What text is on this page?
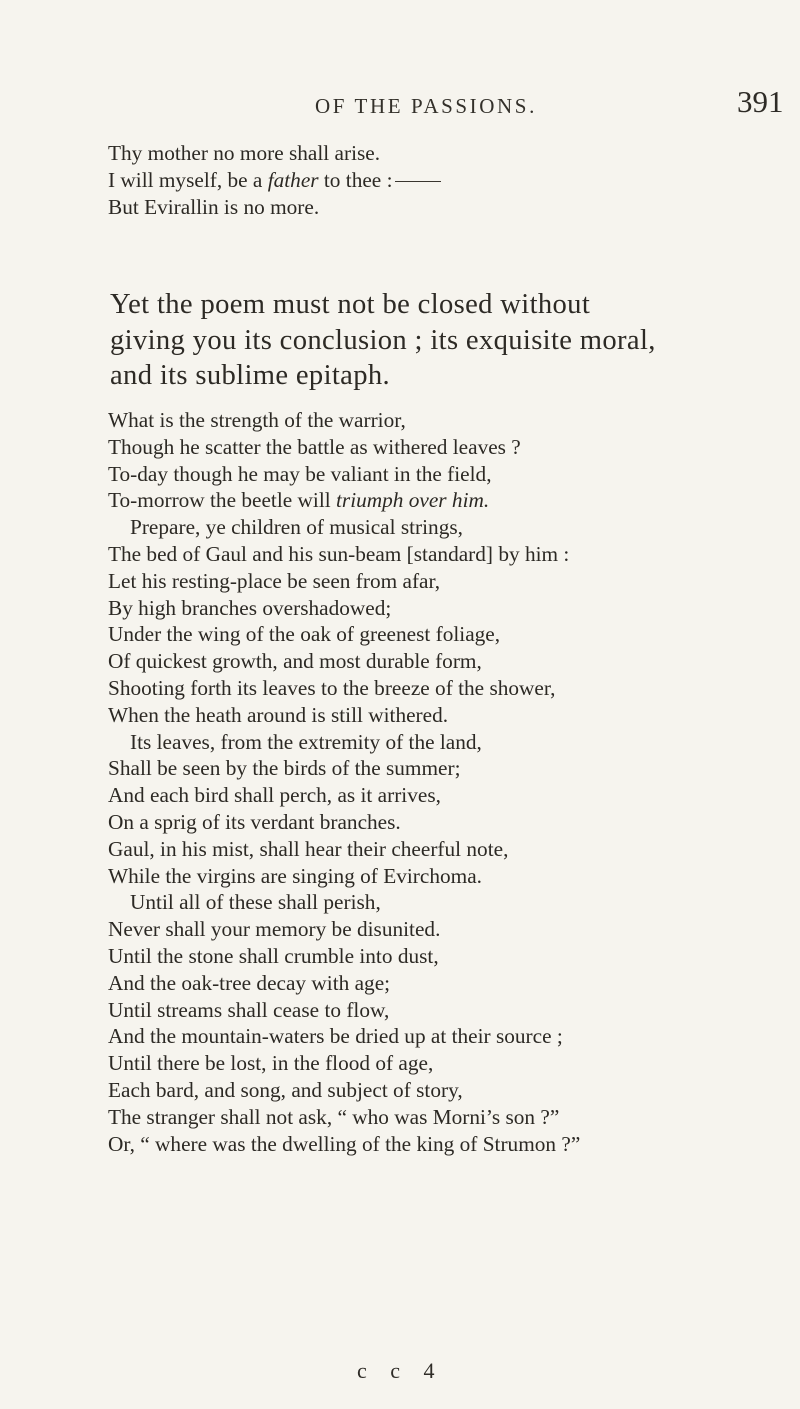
OF THE PASSIONS.	391
Thy mother no more shall arise.
I will myself, be a father to thee :
But Evirallin is no more.
Yet the poem must not be closed without
giving you its conclusion ; its exquisite moral,
and its sublime epitaph.
What is the strength of the warrior,
Though he scatter the battle as withered leaves ?
To-day though he may be valiant in the field,
To-morrow the beetle will triumph over him.
Prepare, ye children of musical strings,
The bed of Gaul and his sun-beam [standard] by him :
Let his resting-place be seen from afar,
By high branches overshadowed;
Under the wing of the oak of greenest foliage,
Of quickest growth, and most durable form,
Shooting forth its leaves to the breeze of the shower,
When the heath around is still withered.
Its leaves, from the extremity of the land,
Shall be seen by the birds of the summer;
And each bird shall perch, as it arrives,
On a sprig of its verdant branches.
Gaul, in his mist, shall hear their cheerful note,
While the virgins are singing of Evirchoma.
Until all of these shall perish,
Never shall your memory be disunited.
Until the stone shall crumble into dust,
And the oak-tree decay with age;
Until streams shall cease to flow,
And the mountain-waters be dried up at their source ;
Until there be lost, in the flood of age,
Each bard, and song, and subject of story,
The stranger shall not ask, “ who was Morni’s son ?”
Or, “ where was the dwelling of the king of Strumon ?”
c c 4
